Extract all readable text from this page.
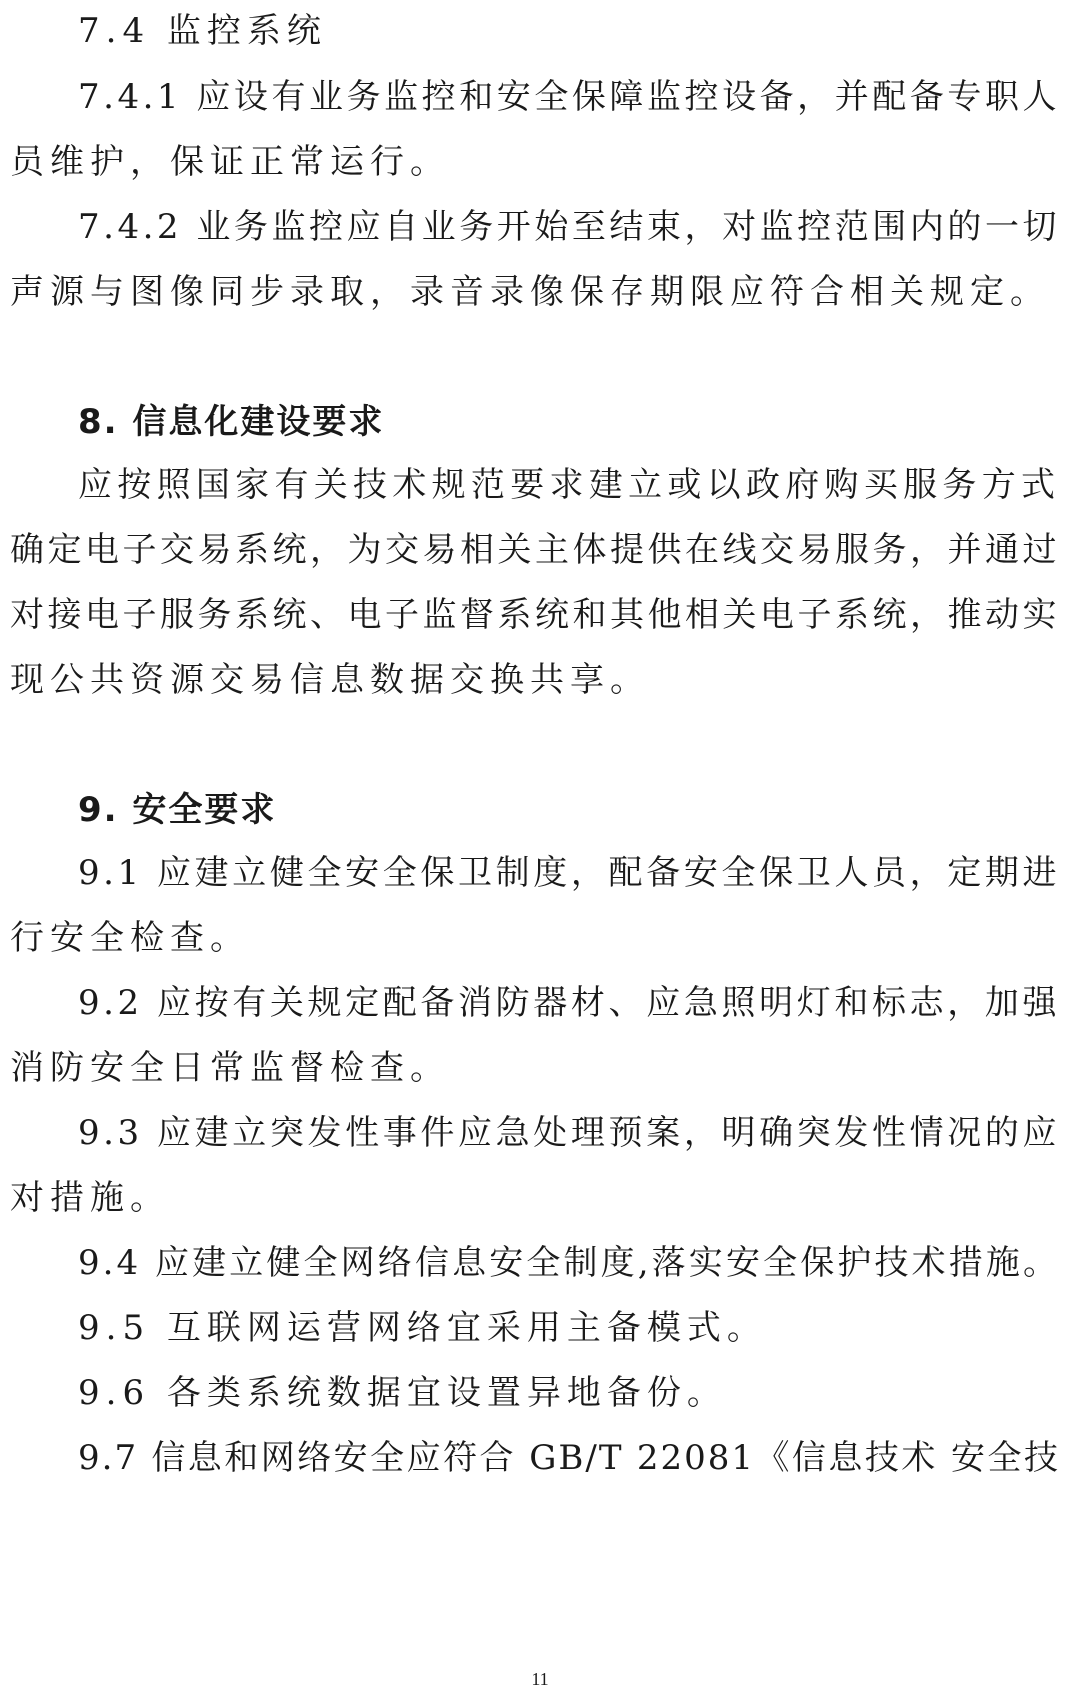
7.4 监控系统
7.4.1 应设有业务监控和安全保障监控设备，并配备专职人
员维护，保证正常运行。
7.4.2 业务监控应自业务开始至结束，对监控范围内的一切
声源与图像同步录取，录音录像保存期限应符合相关规定。
8. 信息化建设要求
应按照国家有关技术规范要求建立或以政府购买服务方式
确定电子交易系统，为交易相关主体提供在线交易服务，并通过
对接电子服务系统、电子监督系统和其他相关电子系统，推动实
现公共资源交易信息数据交换共享。
9. 安全要求
9.1 应建立健全安全保卫制度，配备安全保卫人员，定期进
行安全检查。
9.2 应按有关规定配备消防器材、应急照明灯和标志，加强
消防安全日常监督检查。
9.3 应建立突发性事件应急处理预案，明确突发性情况的应
对措施。
9.4 应建立健全网络信息安全制度,落实安全保护技术措施。
9.5 互联网运营网络宜采用主备模式。
9.6 各类系统数据宜设置异地备份。
9.7 信息和网络安全应符合 GB/T 22081《信息技术 安全技
11
